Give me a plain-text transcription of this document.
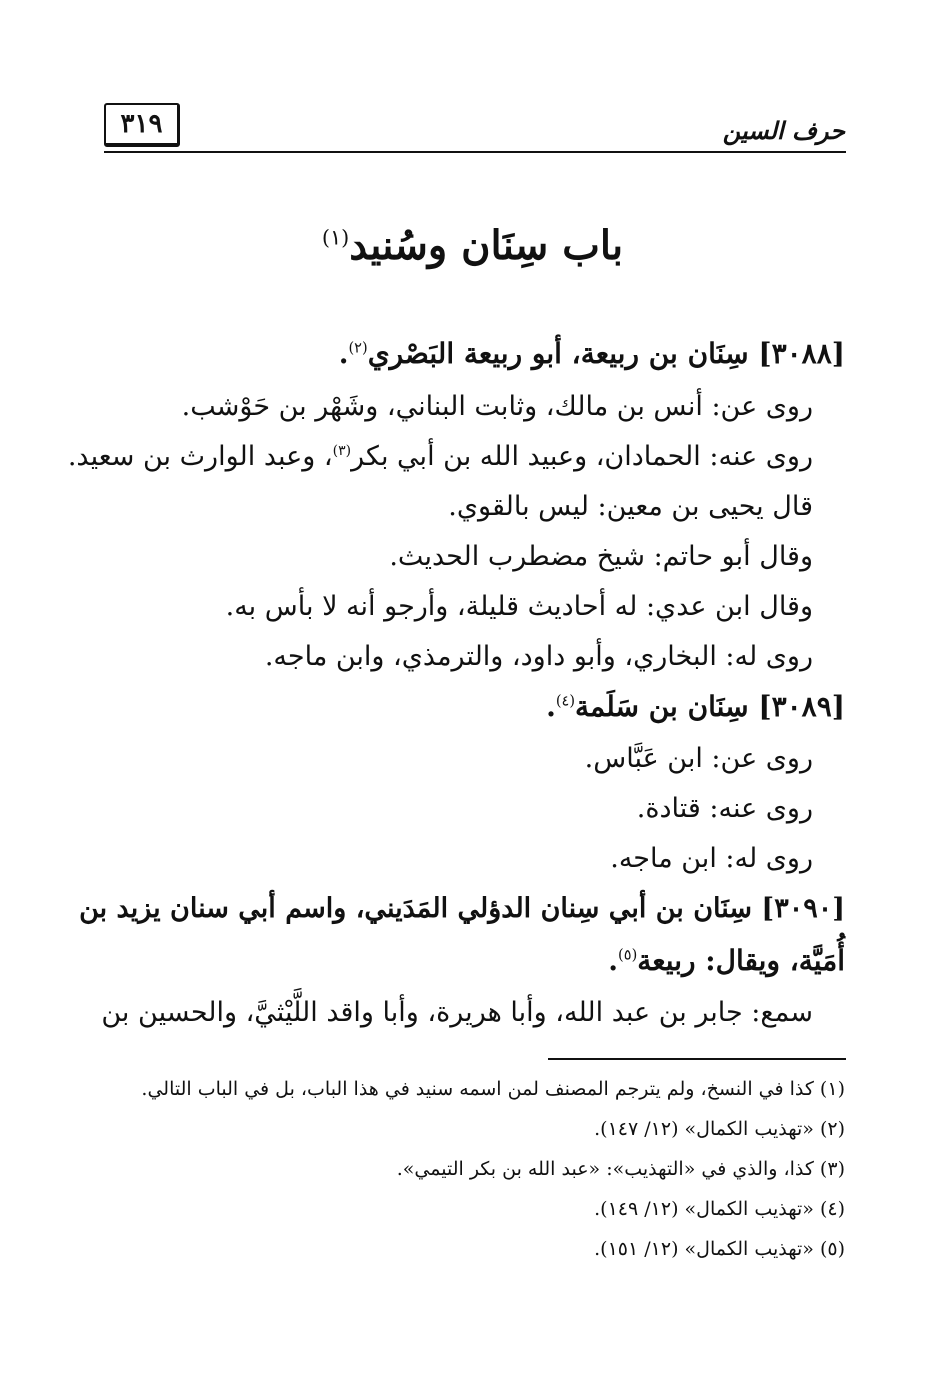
حرف السين
٣١٩
باب سِنَان وسُنيد$^{(١)}$
[٣٠٨٨] سِنَان بن ربيعة، أبو ربيعة البَصْري$^{(٢)}$.
روى عن: أنس بن مالك، وثابت البناني، وشَهْر بن حَوْشب.
روى عنه: الحمادان، وعبيد الله بن أبي بكر$^{(٣)}$، وعبد الوارث بن سعيد.
قال يحيى بن معين: ليس بالقوي.
وقال أبو حاتم: شيخ مضطرب الحديث.
وقال ابن عدي: له أحاديث قليلة، وأرجو أنه لا بأس به.
روى له: البخاري، وأبو داود، والترمذي، وابن ماجه.
[٣٠٨٩] سِنَان بن سَلَمة$^{(٤)}$.
روى عن: ابن عَبَّاس.
روى عنه: قتادة.
روى له: ابن ماجه.
[٣٠٩٠] سِنَان بن أبي سِنان الدؤلي المَدَيني، واسم أبي سنان يزيد بن
أُمَيَّة، ويقال: ربيعة$^{(٥)}$.
سمع: جابر بن عبد الله، وأبا هريرة، وأبا واقد اللَّيْثيَّ، والحسين بن
(١) كذا في النسخ، ولم يترجم المصنف لمن اسمه سنيد في هذا الباب، بل في الباب التالي.
(٢) «تهذيب الكمال» (١٢/ ١٤٧).
(٣) كذا، والذي في «التهذيب»: «عبد الله بن بكر التيمي».
(٤) «تهذيب الكمال» (١٢/ ١٤٩).
(٥) «تهذيب الكمال» (١٢/ ١٥١).
